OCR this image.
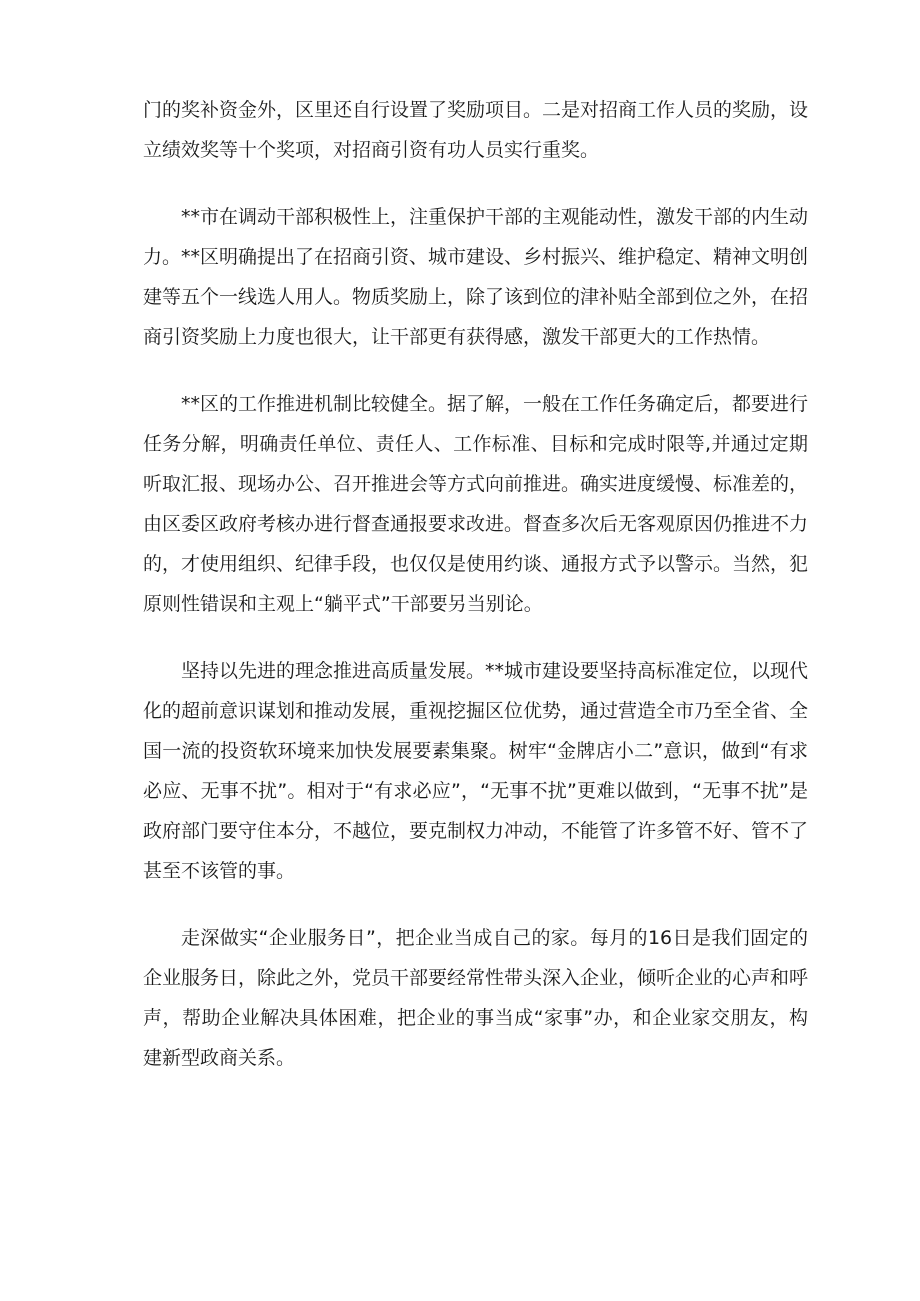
门的奖补资金外，区里还自行设置了奖励项目。二是对招商工作人员的奖励，设立绩效奖等十个奖项，对招商引资有功人员实行重奖。

**市在调动干部积极性上，注重保护干部的主观能动性，激发干部的内生动力。**区明确提出了在招商引资、城市建设、乡村振兴、维护稳定、精神文明创建等五个一线选人用人。物质奖励上，除了该到位的津补贴全部到位之外，在招商引资奖励上力度也很大，让干部更有获得感，激发干部更大的工作热情。

**区的工作推进机制比较健全。据了解，一般在工作任务确定后，都要进行任务分解，明确责任单位、责任人、工作标准、目标和完成时限等,并通过定期听取汇报、现场办公、召开推进会等方式向前推进。确实进度缓慢、标准差的，由区委区政府考核办进行督查通报要求改进。督查多次后无客观原因仍推进不力的，才使用组织、纪律手段，也仅仅是使用约谈、通报方式予以警示。当然，犯原则性错误和主观上“躺平式”干部要另当别论。

坚持以先进的理念推进高质量发展。**城市建设要坚持高标准定位，以现代化的超前意识谋划和推动发展，重视挖掘区位优势，通过营造全市乃至全省、全国一流的投资软环境来加快发展要素集聚。树牢“金牌店小二”意识，做到“有求必应、无事不扰”。相对于“有求必应”，“无事不扰”更难以做到，“无事不扰”是政府部门要守住本分，不越位，要克制权力冲动，不能管了许多管不好、管不了甚至不该管的事。

走深做实“企业服务日”，把企业当成自己的家。每月的16日是我们固定的企业服务日，除此之外，党员干部要经常性带头深入企业，倾听企业的心声和呼声，帮助企业解决具体困难，把企业的事当成“家事”办，和企业家交朋友，构建新型政商关系。
